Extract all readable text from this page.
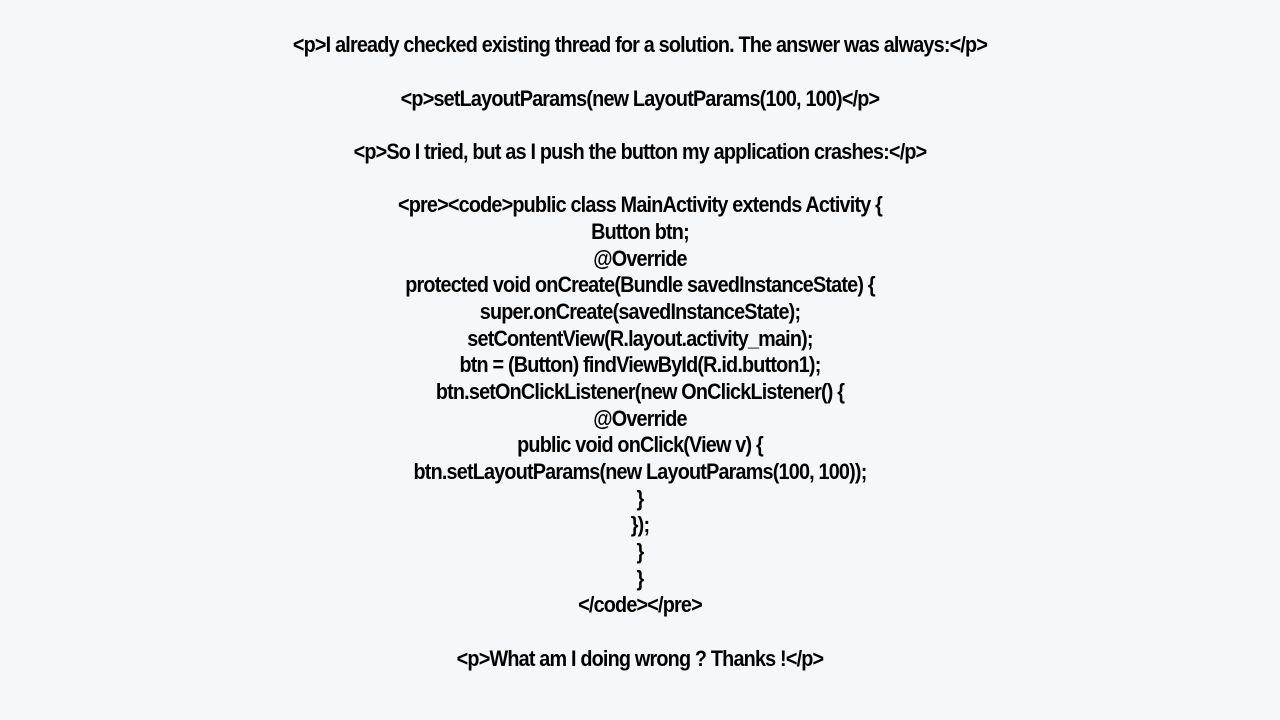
<p>I already checked existing thread for a solution. The answer was always:</p>
<p>setLayoutParams(new LayoutParams(100, 100)</p>
<p>So I tried, but as I push the button my application crashes:</p>
<pre><code>public class MainActivity extends Activity {
Button btn;
@Override
protected void onCreate(Bundle savedInstanceState) {
super.onCreate(savedInstanceState);
setContentView(R.layout.activity_main);
btn = (Button) findViewById(R.id.button1);
btn.setOnClickListener(new OnClickListener() {
@Override
public void onClick(View v) {
btn.setLayoutParams(new LayoutParams(100, 100));
}
});
}
}
</code></pre>
<p>What am I doing wrong ? Thanks !</p>
